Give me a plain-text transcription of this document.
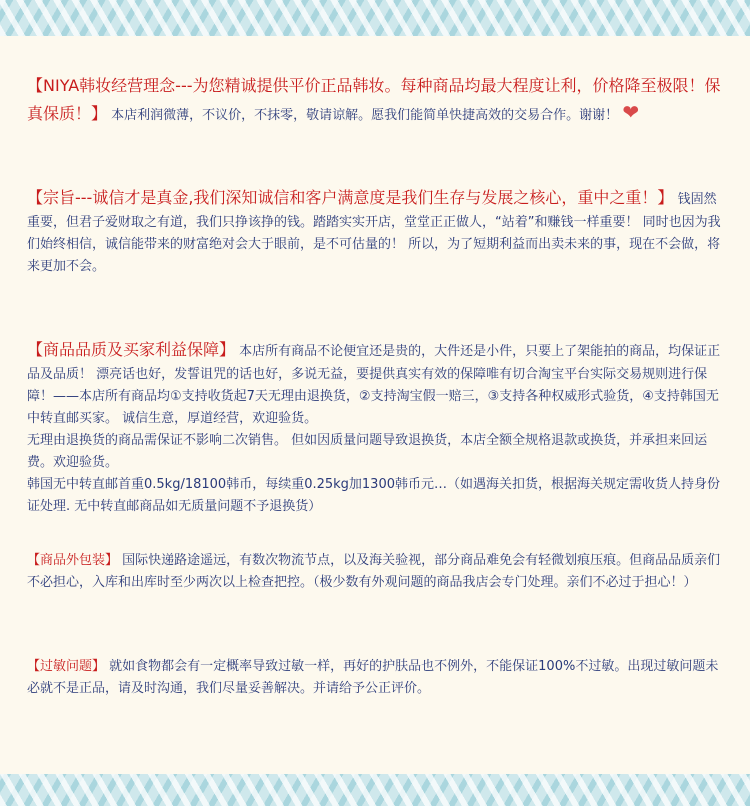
【NIYA韩妆经营理念---为您精诚提供平价正品韩妆。每种商品均最大程度让利，价格降至极限！保真保质！】 本店利润微薄，不议价，不抹零，敬请谅解。愿我们能简单快捷高效的交易合作。谢谢！ ❤

【宗旨---诚信才是真金,我们深知诚信和客户满意度是我们生存与发展之核心，重中之重！】 钱固然重要，但君子爱财取之有道，我们只挣该挣的钱。踏踏实实开店，堂堂正正做人，“站着”和赚钱一样重要！ 同时也因为我们始终相信，诚信能带来的财富绝对会大于眼前，是不可估量的！ 所以，为了短期利益而出卖未来的事，现在不会做，将来更加不会。

【商品品质及买家利益保障】 本店所有商品不论便宜还是贵的，大件还是小件，只要上了架能拍的商品，均保证正品及品质！ 漂亮话也好，发誓诅咒的话也好，多说无益，要提供真实有效的保障唯有切合淘宝平台实际交易规则进行保障！——本店所有商品均①支持收货起7天无理由退换货，②支持淘宝假一赔三，③支持各种权威形式验货，④支持韩国无中转直邮买家。 诚信生意，厚道经营，欢迎验货。
无理由退换货的商品需保证不影响二次销售。 但如因质量问题导致退换货，本店全额全规格退款或换货，并承担来回运费。欢迎验货。
韩国无中转直邮首重0.5kg/18100韩币，每续重0.25kg加1300韩币元…（如遇海关扣货，根据海关规定需收货人持身份证处理. 无中转直邮商品如无质量问题不予退换货）

【商品外包装】 国际快递路途遥远，有数次物流节点，以及海关验视，部分商品难免会有轻微划痕压痕。但商品品质亲们不必担心，入库和出库时至少两次以上检查把控。（极少数有外观问题的商品我店会专门处理。亲们不必过于担心！）

【过敏问题】 就如食物都会有一定概率导致过敏一样，再好的护肤品也不例外，不能保证100%不过敏。出现过敏问题未必就不是正品，请及时沟通，我们尽量妥善解决。并请给予公正评价。
